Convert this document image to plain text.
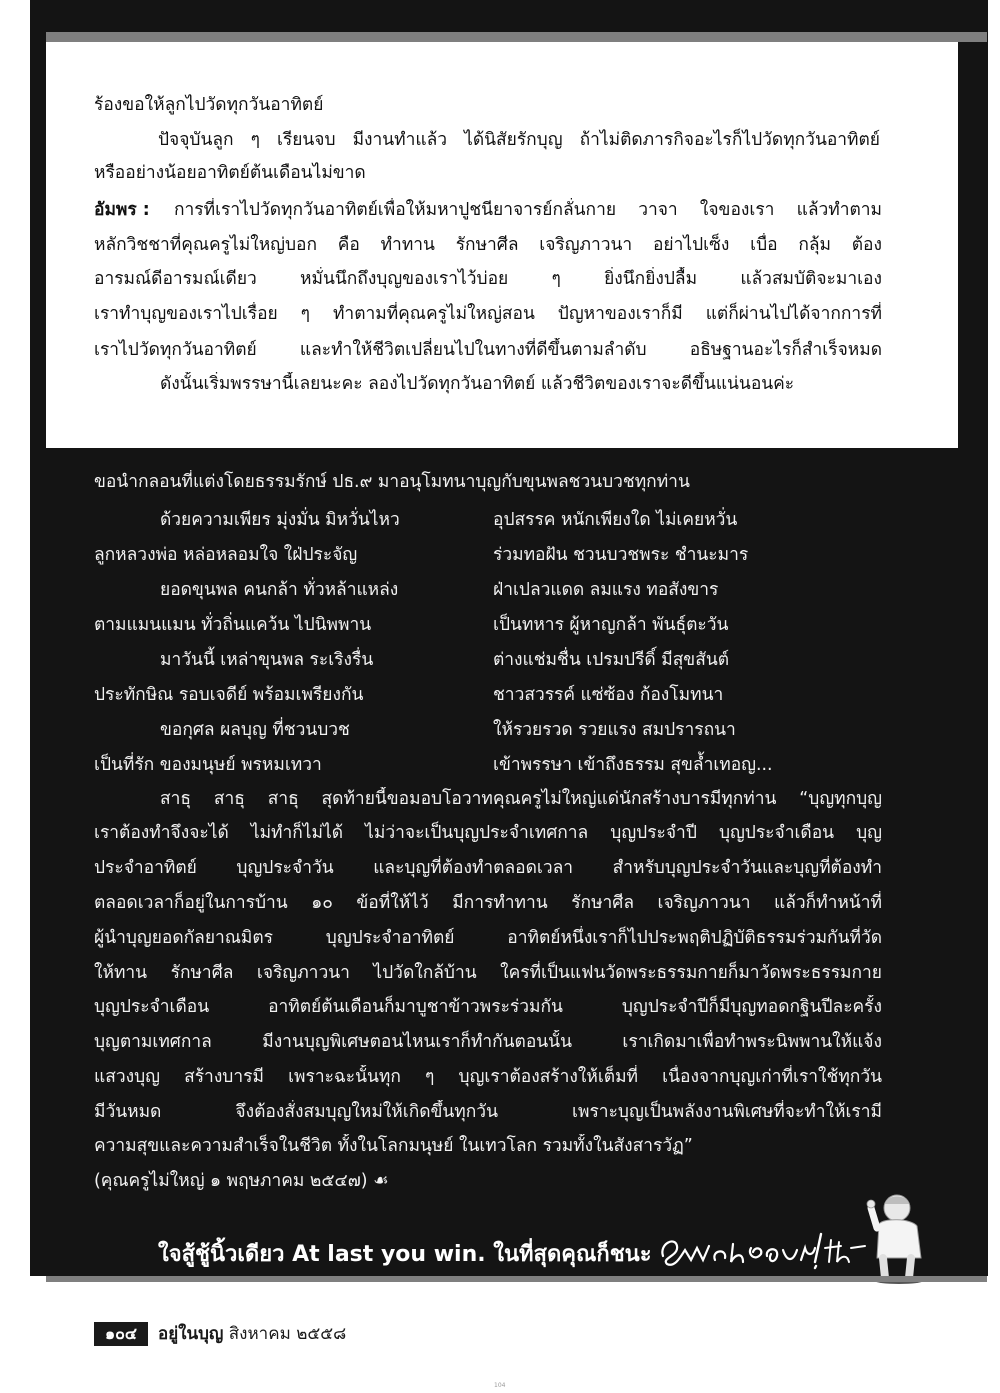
ร้องขอให้ลูกไปวัดทุกวันอาทิตย์
ปัจจุบันลูก ๆ เรียนจบ มีงานทำแล้ว ได้นิสัยรักบุญ ถ้าไม่ติดภารกิจอะไรก็ไปวัดทุกวันอาทิตย์
หรืออย่างน้อยอาทิตย์ต้นเดือนไม่ขาด
อัมพร : การที่เราไปวัดทุกวันอาทิตย์เพื่อให้มหาปูชนียาจารย์กลั่นกาย วาจา ใจของเรา แล้วทำตาม
หลักวิชชาที่คุณครูไม่ใหญ่บอก คือ ทำทาน รักษาศีล เจริญภาวนา อย่าไปเซ็ง เบื่อ กลุ้ม ต้อง
อารมณ์ดีอารมณ์เดียว หมั่นนึกถึงบุญของเราไว้บ่อย ๆ ยิ่งนึกยิ่งปลื้ม แล้วสมบัติจะมาเอง
เราทำบุญของเราไปเรื่อย ๆ ทำตามที่คุณครูไม่ใหญ่สอน ปัญหาของเราก็มี แต่ก็ผ่านไปได้จากการที่
เราไปวัดทุกวันอาทิตย์ และทำให้ชีวิตเปลี่ยนไปในทางที่ดีขึ้นตามลำดับ อธิษฐานอะไรก็สำเร็จหมด
ดังนั้นเริ่มพรรษานี้เลยนะคะ ลองไปวัดทุกวันอาทิตย์ แล้วชีวิตของเราจะดีขึ้นแน่นอนค่ะ
ขอนำกลอนที่แต่งโดยธรรมรักษ์ ปธ.๙ มาอนุโมทนาบุญกับขุนพลชวนบวชทุกท่าน
ด้วยความเพียร มุ่งมั่น มิหวั่นไหว	อุปสรรค หนักเพียงใด ไม่เคยหวั่น
ลูกหลวงพ่อ หล่อหลอมใจ ใฝ่ประจัญ	ร่วมทอฝัน ชวนบวชพระ ชำนะมาร
ยอดขุนพล คนกล้า ทั่วหล้าแหล่ง	ฝ่าเปลวแดด ลมแรง ทอสังขาร
ตามแมนแมน ทั่วถิ่นแคว้น ไปนิพพาน	เป็นทหาร ผู้หาญกล้า พันธุ์ตะวัน
มาวันนี้ เหล่าขุนพล ระเริงรื่น	ต่างแช่มชื่น เปรมปรีดิ์ มีสุขสันต์
ประทักษิณ รอบเจดีย์ พร้อมเพรียงกัน	ชาวสวรรค์ แซ่ซ้อง ก้องโมทนา
ขอกุศล ผลบุญ ที่ชวนบวช	ให้รวยรวด รวยแรง สมปรารถนา
เป็นที่รัก ของมนุษย์ พรหมเทวา	เข้าพรรษา เข้าถึงธรรม สุขล้ำเทอญ...
สาธุ สาธุ สาธุ สุดท้ายนี้ขอมอบโอวาทคุณครูไม่ใหญ่แด่นักสร้างบารมีทุกท่าน “บุญทุกบุญ
เราต้องทำจึงจะได้ ไม่ทำก็ไม่ได้ ไม่ว่าจะเป็นบุญประจำเทศกาล บุญประจำปี บุญประจำเดือน บุญ
ประจำอาทิตย์ บุญประจำวัน และบุญที่ต้องทำตลอดเวลา สำหรับบุญประจำวันและบุญที่ต้องทำ
ตลอดเวลาก็อยู่ในการบ้าน ๑๐ ข้อที่ให้ไว้ มีการทำทาน รักษาศีล เจริญภาวนา แล้วก็ทำหน้าที่
ผู้นำบุญยอดกัลยาณมิตร บุญประจำอาทิตย์ อาทิตย์หนึ่งเราก็ไปประพฤติปฏิบัติธรรมร่วมกันที่วัด
ให้ทาน รักษาศีล เจริญภาวนา ไปวัดใกล้บ้าน ใครที่เป็นแฟนวัดพระธรรมกายก็มาวัดพระธรรมกาย
บุญประจำเดือน อาทิตย์ต้นเดือนก็มาบูชาข้าวพระร่วมกัน บุญประจำปีก็มีบุญทอดกฐินปีละครั้ง
บุญตามเทศกาล มีงานบุญพิเศษตอนไหนเราก็ทำกันตอนนั้น เราเกิดมาเพื่อทำพระนิพพานให้แจ้ง
แสวงบุญ สร้างบารมี เพราะฉะนั้นทุก ๆ บุญเราต้องสร้างให้เต็มที่ เนื่องจากบุญเก่าที่เราใช้ทุกวัน
มีวันหมด จึงต้องสั่งสมบุญใหม่ให้เกิดขึ้นทุกวัน เพราะบุญเป็นพลังงานพิเศษที่จะทำให้เรามี
ความสุขและความสำเร็จในชีวิต ทั้งในโลกมนุษย์ ในเทวโลก รวมทั้งในสังสารวัฏ”
(คุณครูไม่ใหญ่ ๑ พฤษภาคม ๒๕๔๗) ☙
ใจสู้ชู้นิ้วเดียว At last you win. ในที่สุดคุณก็ชนะ
๑๐๔	อยู่ในบุญ สิงหาคม ๒๕๕๘
104
